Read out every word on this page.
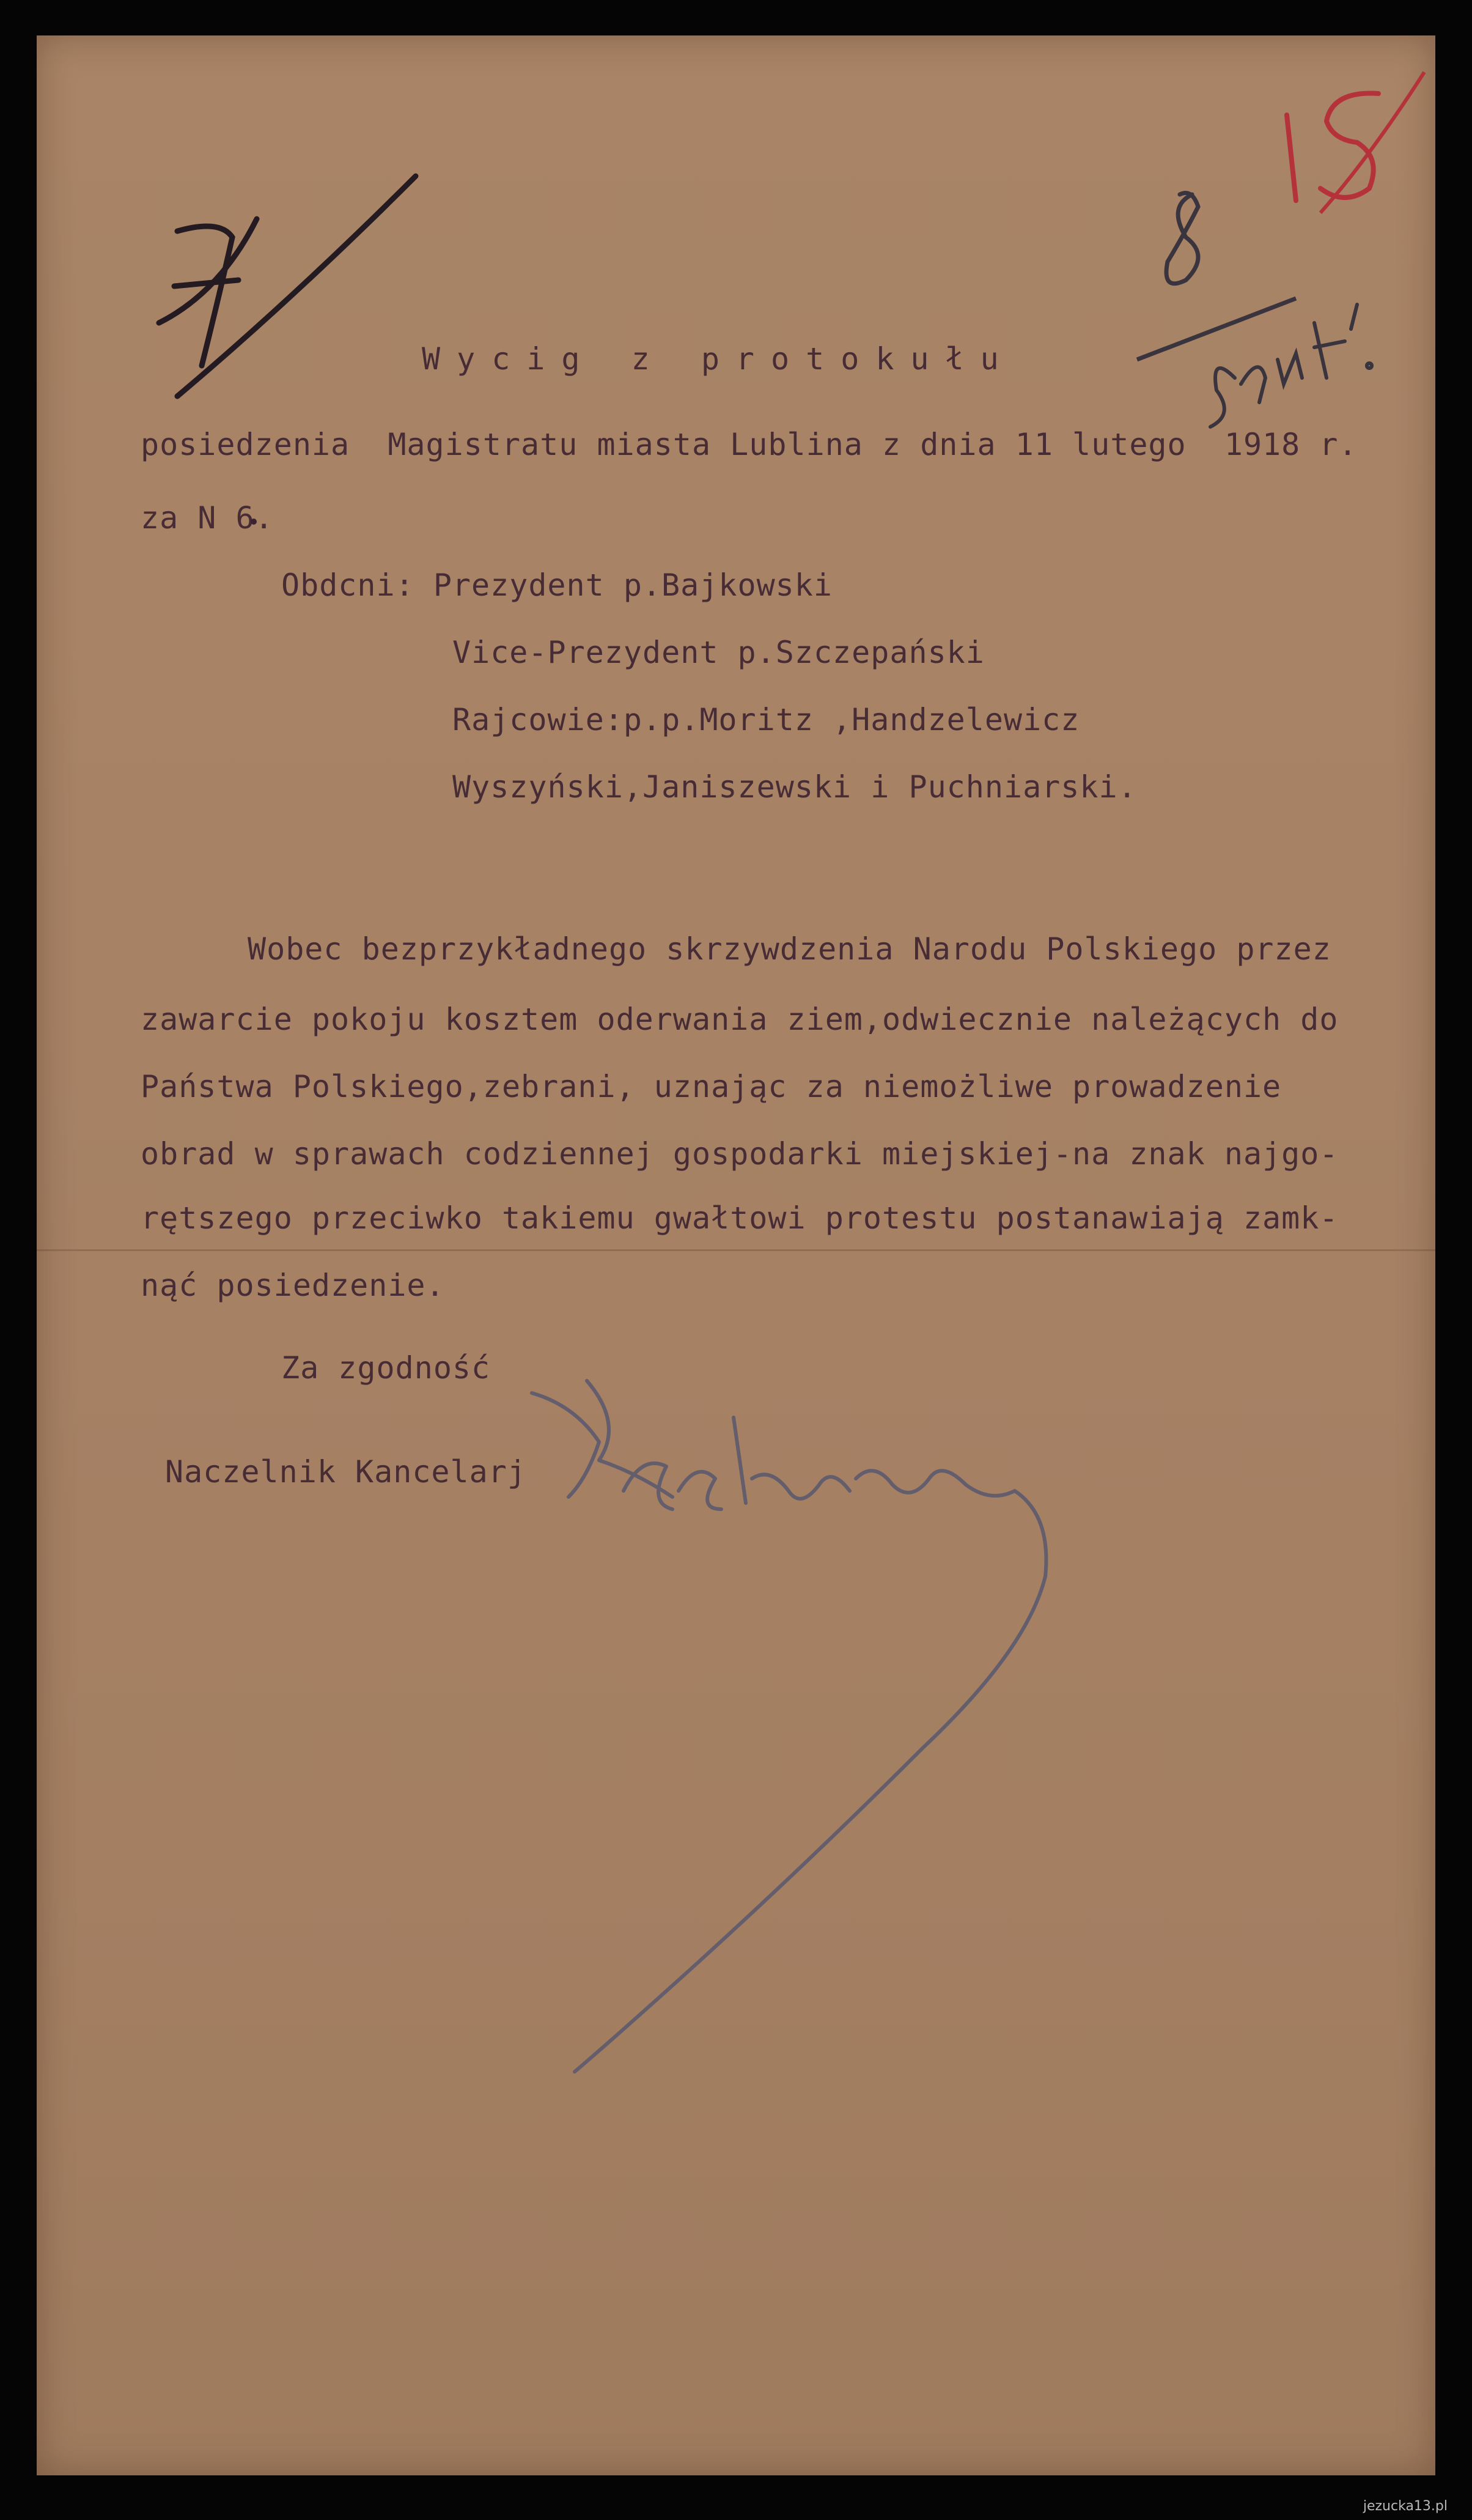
Wycig z protokułu
posiedzenia  Magistratu miasta Lublina z dnia 11 lutego  1918 r.
za N 6.
Obdcni: Prezydent p.Bajkowski
Vice-Prezydent p.Szczepański
Rajcowie:p.p.Moritz ,Handzelewicz
Wyszyński,Janiszewski i Puchniarski.
Wobec bezprzykładnego skrzywdzenia Narodu Polskiego przez
zawarcie pokoju kosztem oderwania ziem,odwiecznie należących do
Państwa Polskiego,zebrani, uznając za niemożliwe prowadzenie
obrad w sprawach codziennej gospodarki miejskiej-na znak najgo-
rętszego przeciwko takiemu gwałtowi protestu postanawiają zamk-
nąć posiedzenie.
Za zgodność
Naczelnik Kancelarj
jezucka13.pl
